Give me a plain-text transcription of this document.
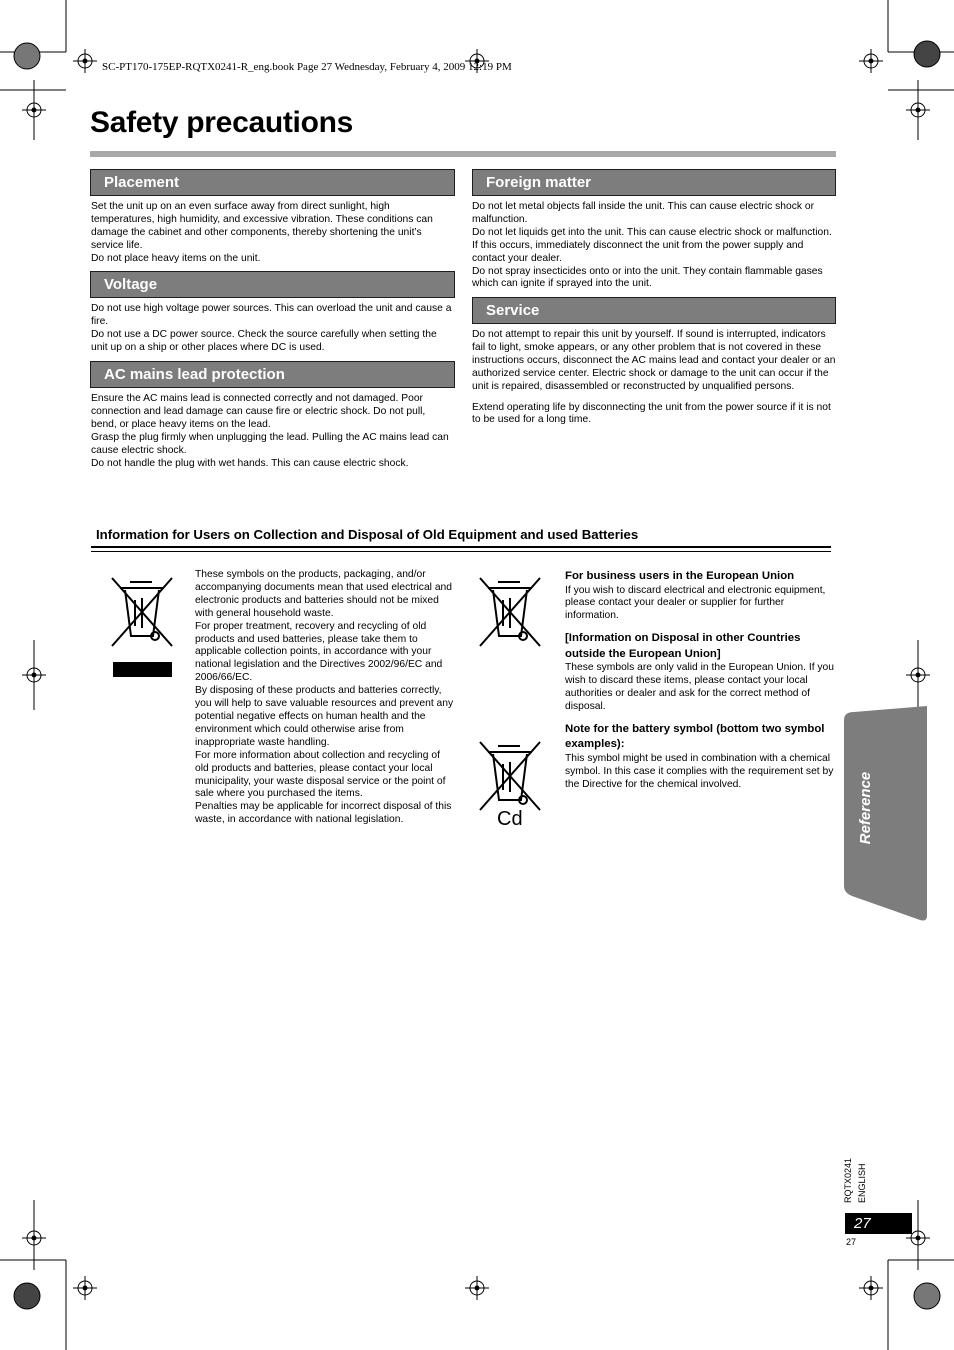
SC-PT170-175EP-RQTX0241-R_eng.book Page 27 Wednesday, February 4, 2009 12:19 PM
Safety precautions
Placement

Set the unit up on an even surface away from direct sunlight, high temperatures, high humidity, and excessive vibration. These conditions can damage the cabinet and other components, thereby shortening the unit’s service life.

Do not place heavy items on the unit.

Voltage

Do not use high voltage power sources. This can overload the unit and cause a fire.

Do not use a DC power source. Check the source carefully when setting the unit up on a ship or other places where DC is used.

AC mains lead protection

Ensure the AC mains lead is connected correctly and not damaged. Poor connection and lead damage can cause fire or electric shock. Do not pull, bend, or place heavy items on the lead.

Grasp the plug firmly when unplugging the lead. Pulling the AC mains lead can cause electric shock.

Do not handle the plug with wet hands. This can cause electric shock.

Foreign matter

Do not let metal objects fall inside the unit. This can cause electric shock or malfunction.

Do not let liquids get into the unit. This can cause electric shock or malfunction. If this occurs, immediately disconnect the unit from the power supply and contact your dealer.

Do not spray insecticides onto or into the unit. They contain flammable gases which can ignite if sprayed into the unit.

Service

Do not attempt to repair this unit by yourself. If sound is interrupted, indicators fail to light, smoke appears, or any other problem that is not covered in these instructions occurs, disconnect the AC mains lead and contact your dealer or an authorized service center. Electric shock or damage to the unit can occur if the unit is repaired, disassembled or reconstructed by unqualified persons.

Extend operating life by disconnecting the unit from the power source if it is not to be used for a long time.

Information for Users on Collection and Disposal of Old Equipment and used Batteries

These symbols on the products, packaging, and/or accompanying documents mean that used electrical and electronic products and batteries should not be mixed with general household waste.

For proper treatment, recovery and recycling of old products and used batteries, please take them to applicable collection points, in accordance with your national legislation and the Directives 2002/96/EC and 2006/66/EC.

By disposing of these products and batteries correctly, you will help to save valuable resources and prevent any potential negative effects on human health and the environment which could otherwise arise from inappropriate waste handling.

For more information about collection and recycling of old products and batteries, please contact your local municipality, your waste disposal service or the point of sale where you purchased the items.

Penalties may be applicable for incorrect disposal of this waste, in accordance with national legislation.	Cd

For business users in the European Union

If you wish to discard electrical and electronic equipment, please contact your dealer or supplier for further information.

[Information on Disposal in other Countries outside the European Union]

These symbols are only valid in the European Union. If you wish to discard these items, please contact your local authorities or dealer and ask for the correct method of disposal.

Note for the battery symbol (bottom two symbol examples):

This symbol might be used in combination with a chemical symbol. In this case it complies with the requirement set by the Directive for the chemical involved.	Reference
RQTX0241 ENGLISH
27
27
